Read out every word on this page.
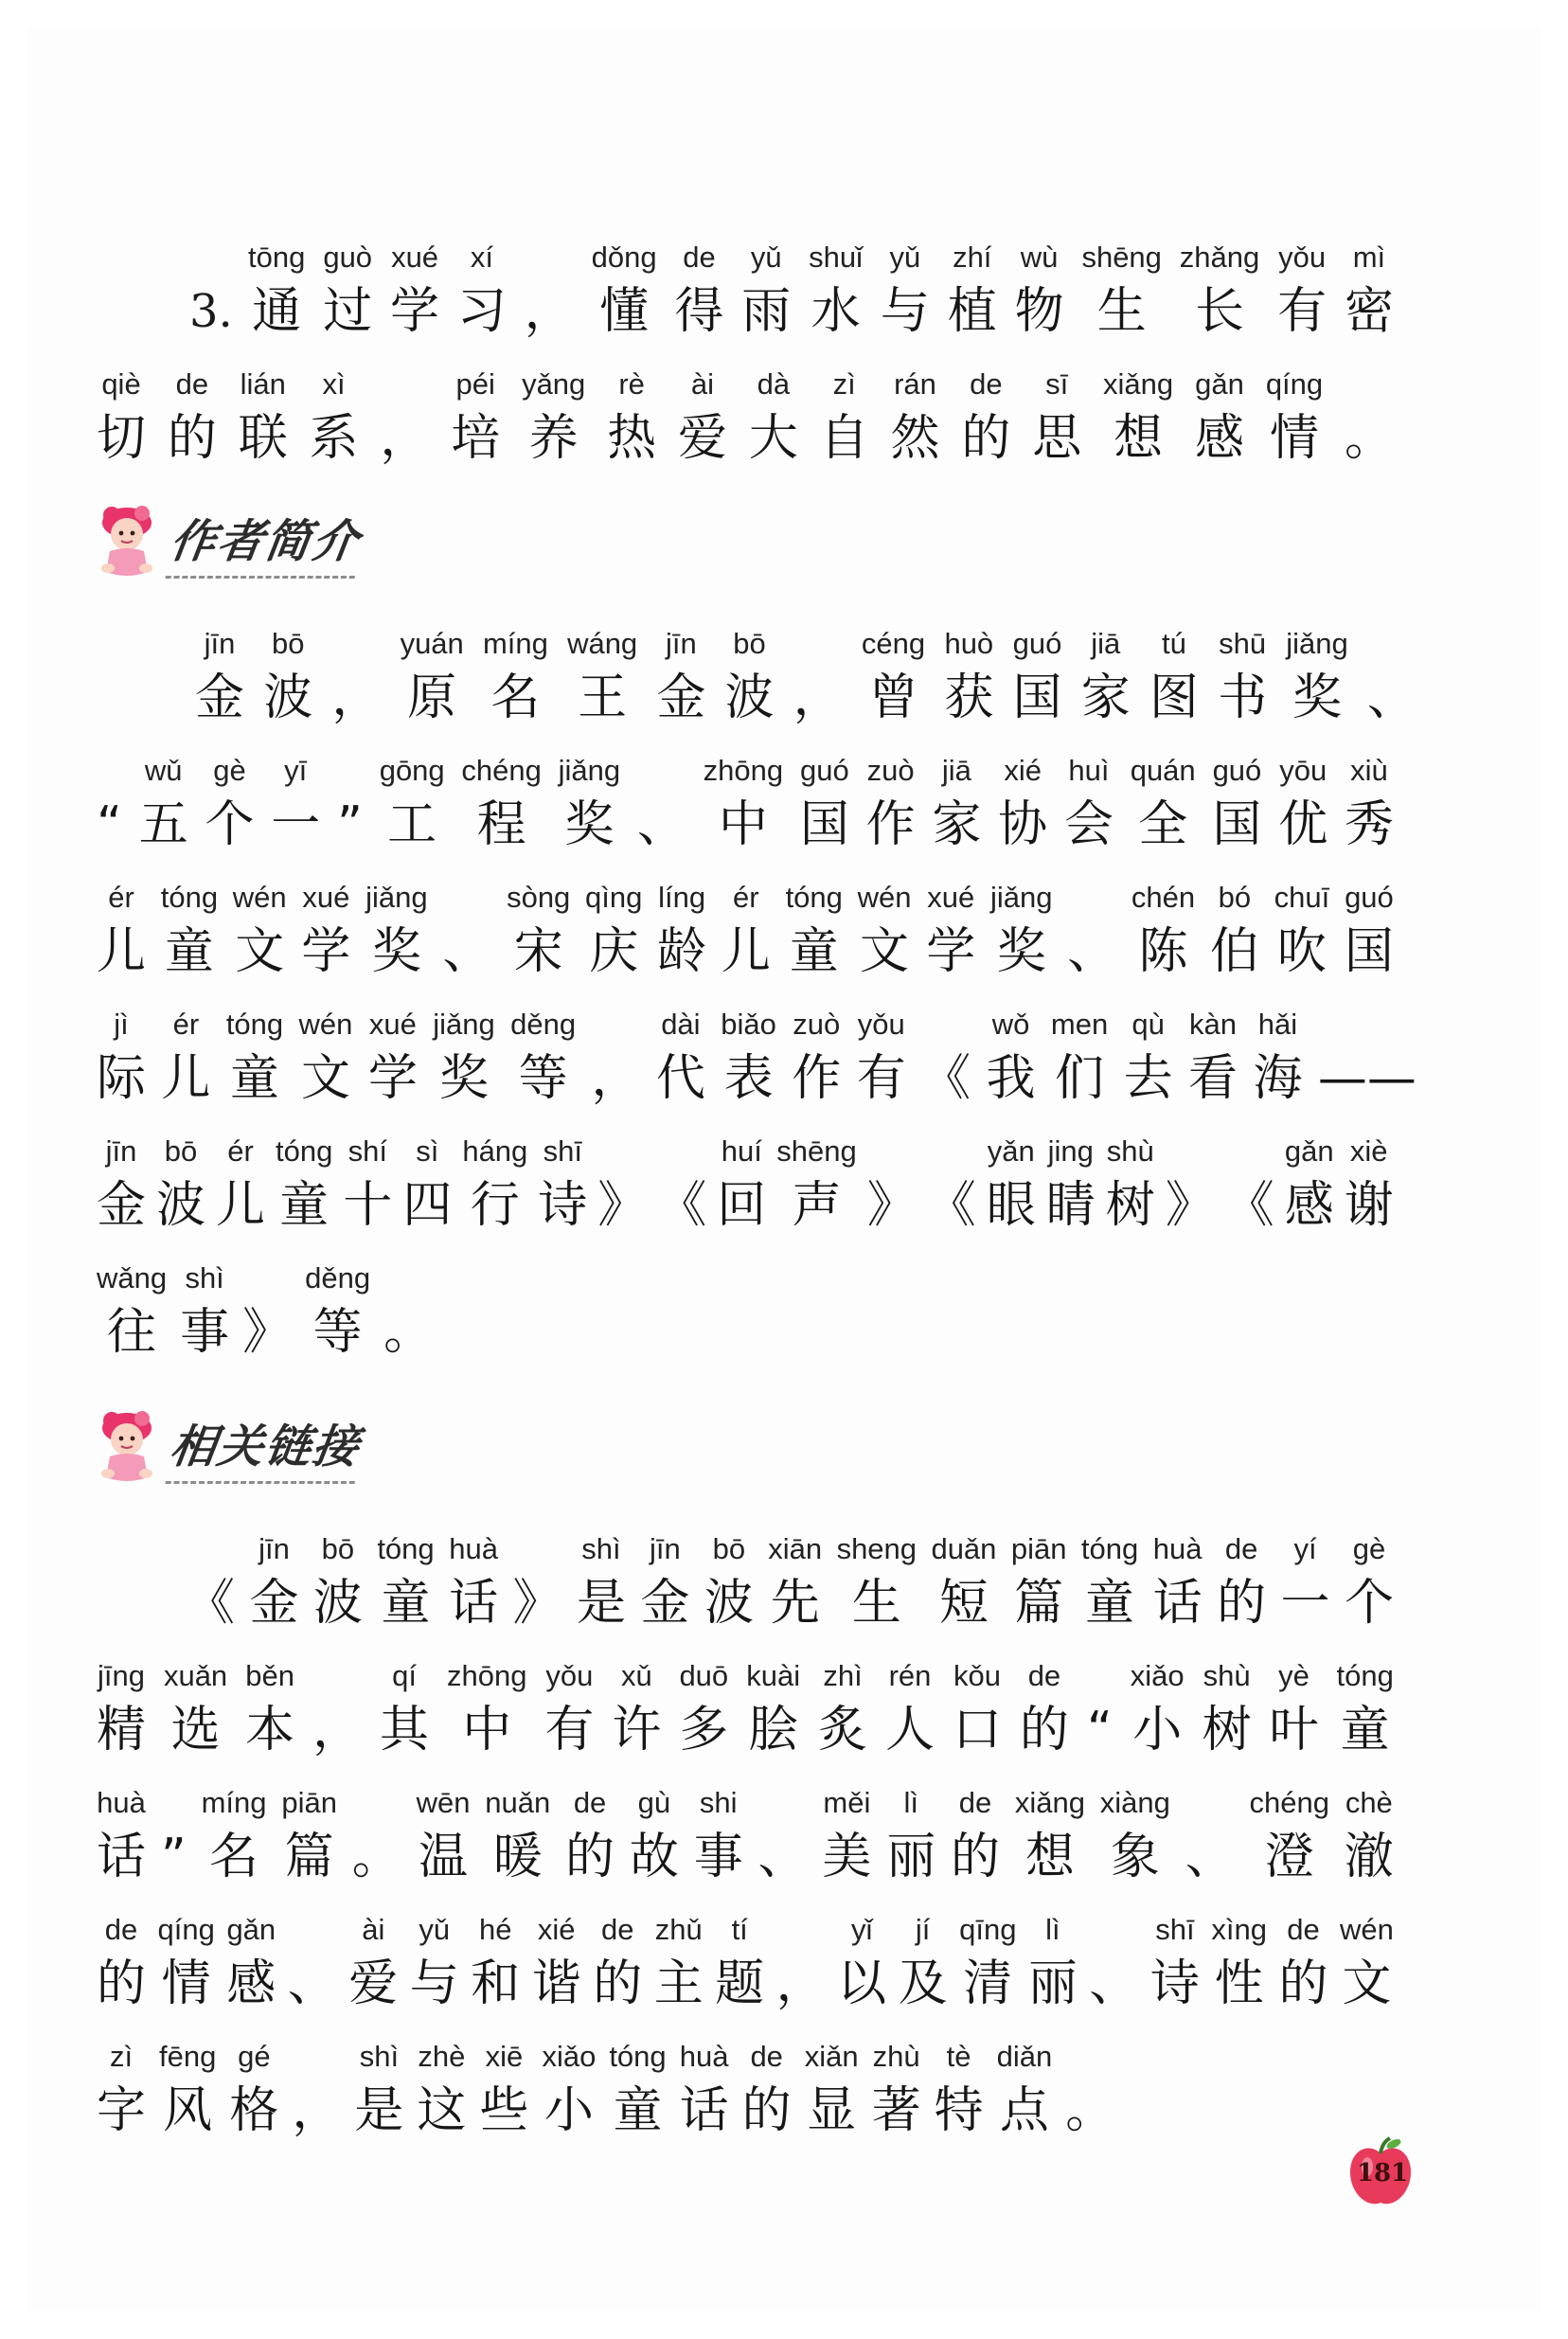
tōng
通
guò
过
xué
学
xí
习 ，
dǒng
懂
de
得
yǔ
雨
shuǐ
水
yǔ
与
zhí
植
wù
物
shēng
生
zhǎng
长
yǒu
有
mì
密
qiè
切
de
的
lián
联
xì
系 ，
péi
培
yǎng
养
rè
热
ài
爱
dà
大
zì
自
rán
然
de
的
sī
思
xiǎng
想
gǎn
感
qíng
情 。
3.
作者简介
jīn
金
bō
波 ，
yuán
原
míng
名
wáng
王
jīn
金
bō
波 ，
céng
曾
huò
获
guó
国
jiā
家
tú
图
shū
书
jiǎng
奖 、
“
wǔ
五
gè
个
yī
一 ”
gōng
工
chéng
程
jiǎng
奖 、
zhōng
中
guó
国
zuò
作
jiā
家
xié
协
huì
会
quán
全
guó
国
yōu
优
xiù
秀
ér
儿
tóng
童
wén
文
xué
学
jiǎng
奖 、
sòng
宋
qìng
庆
líng
龄
ér
儿
tóng
童
wén
文
xué
学
jiǎng
奖 、
chén
陈
bó
伯
chuī
吹
guó
国
jì
际
ér
儿
tóng
童
wén
文
xué
学
jiǎng
奖
děng
等 ，
dài
代
biǎo
表
zuò
作
yǒu
有 《
wǒ
我
men
们
qù
去
kàn
看
hǎi
海 ——
jīn
金
bō
波
ér
儿
tóng
童
shí
十
sì
四
háng
行
shī
诗 》 《
huí
回
shēng
声 》 《
yǎn
眼
jing
睛
shù
树 》 《
gǎn
感
xiè
谢
wǎng
往
shì
事 》
děng
等 。
相关链接
《
jīn
金
bō
波
tóng
童
huà
话 》
shì
是
jīn
金
bō
波
xiān
先
sheng
生
duǎn
短
piān
篇
tóng
童
huà
话
de
的
yí
一
gè
个
jīng
精
xuǎn
选
běn
本 ，
qí
其
zhōng
中
yǒu
有
xǔ
许
duō
多
kuài
脍
zhì
炙
rén
人
kǒu
口
de
的 “
xiǎo
小
shù
树
yè
叶
tóng
童
huà
话 ”
míng
名
piān
篇 。
wēn
温
nuǎn
暖
de
的
gù
故
shi
事 、
měi
美
lì
丽
de
的
xiǎng
想
xiàng
象 、
chéng
澄
chè
澈
de
的
qíng
情
gǎn
感 、
ài
爱
yǔ
与
hé
和
xié
谐
de
的
zhǔ
主
tí
题 ，
yǐ
以
jí
及
qīng
清
lì
丽 、
shī
诗
xìng
性
de
的
wén
文
zì
字
fēng
风
gé
格 ，
shì
是
zhè
这
xiē
些
xiǎo
小
tóng
童
huà
话
de
的
xiǎn
显
zhù
著
tè
特
diǎn
点 。
181
